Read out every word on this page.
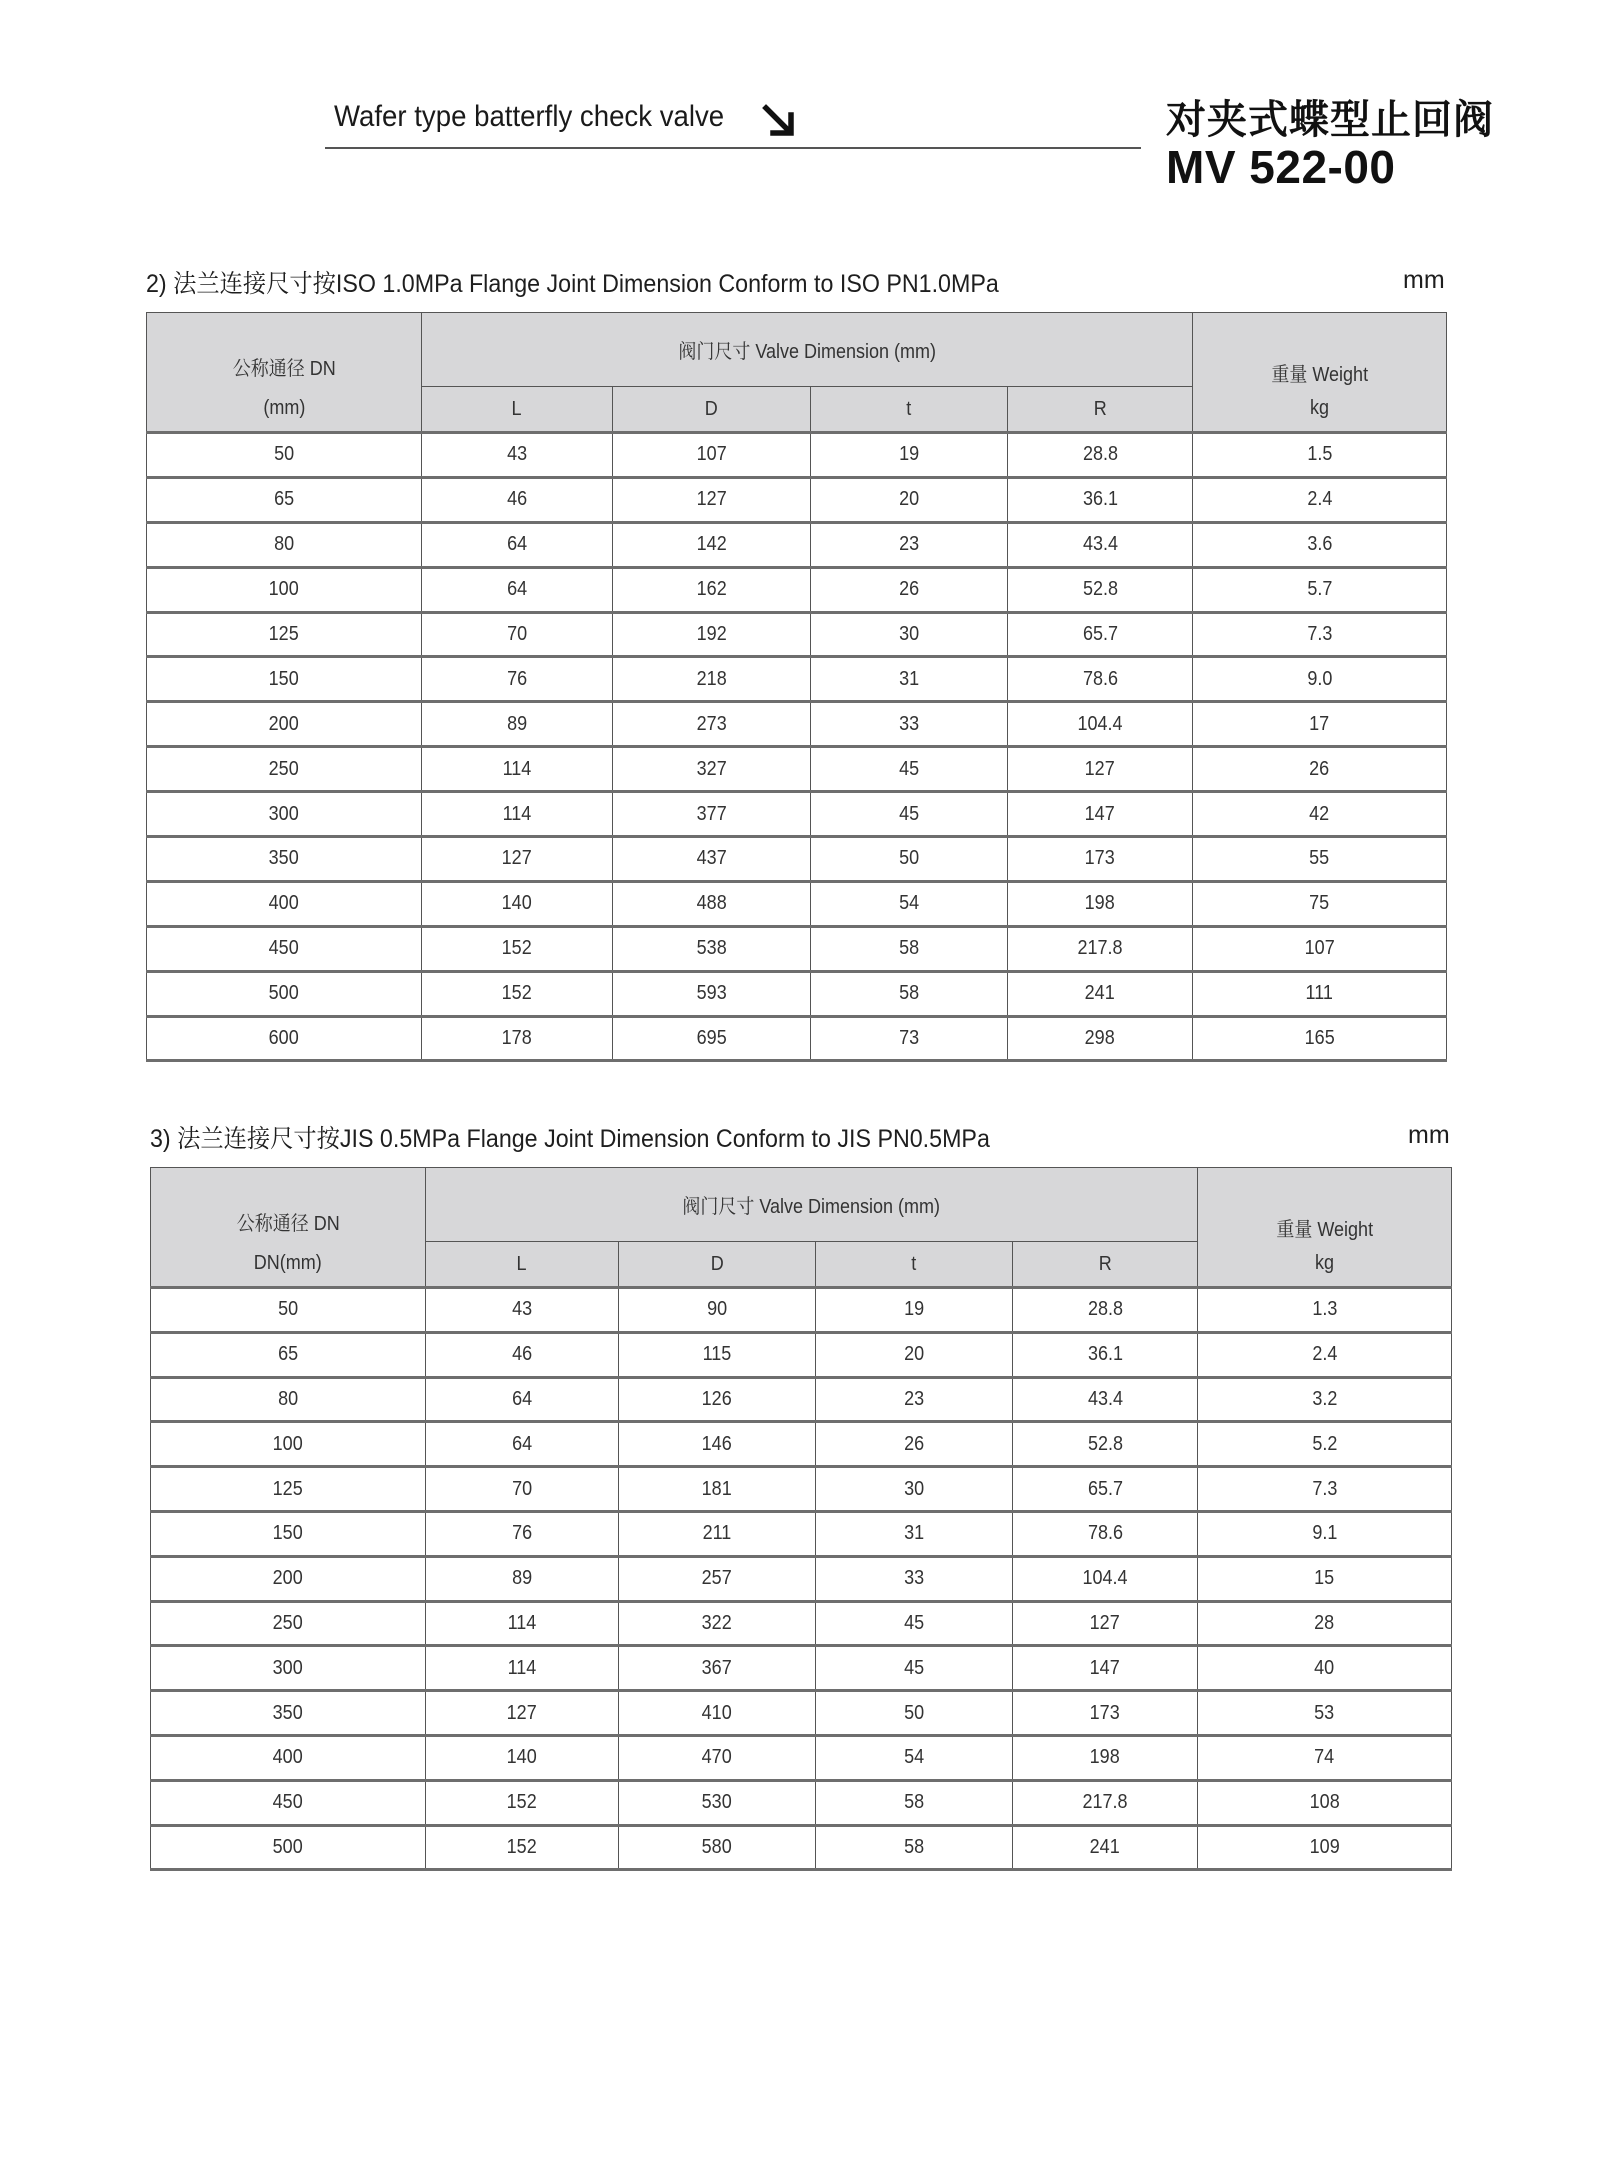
Wafer type batterfly check valve	对夹式蝶型止回阀
MV 522-00
2) 法兰连接尺寸按ISO 1.0MPa Flange Joint Dimension Conform to ISO PN1.0MPa	mm
公称通径 DN	阀门尺寸 Valve Dimension (mm)				重量 Weight
(mm)	L	D	t	R	kg
50	43	107	19	28.8	1.5
65	46	127	20	36.1	2.4
80	64	142	23	43.4	3.6
100	64	162	26	52.8	5.7
125	70	192	30	65.7	7.3
150	76	218	31	78.6	9.0
200	89	273	33	104.4	17
250	114	327	45	127	26
300	114	377	45	147	42
350	127	437	50	173	55
400	140	488	54	198	75
450	152	538	58	217.8	107
500	152	593	58	241	111
600	178	695	73	298	165
3) 法兰连接尺寸按JIS 0.5MPa Flange Joint Dimension Conform to JIS PN0.5MPa	mm
公称通径 DN	阀门尺寸 Valve Dimension (mm)				重量 Weight
DN(mm)	L	D	t	R	kg
50	43	90	19	28.8	1.3
65	46	115	20	36.1	2.4
80	64	126	23	43.4	3.2
100	64	146	26	52.8	5.2
125	70	181	30	65.7	7.3
150	76	211	31	78.6	9.1
200	89	257	33	104.4	15
250	114	322	45	127	28
300	114	367	45	147	40
350	127	410	50	173	53
400	140	470	54	198	74
450	152	530	58	217.8	108
500	152	580	58	241	109
